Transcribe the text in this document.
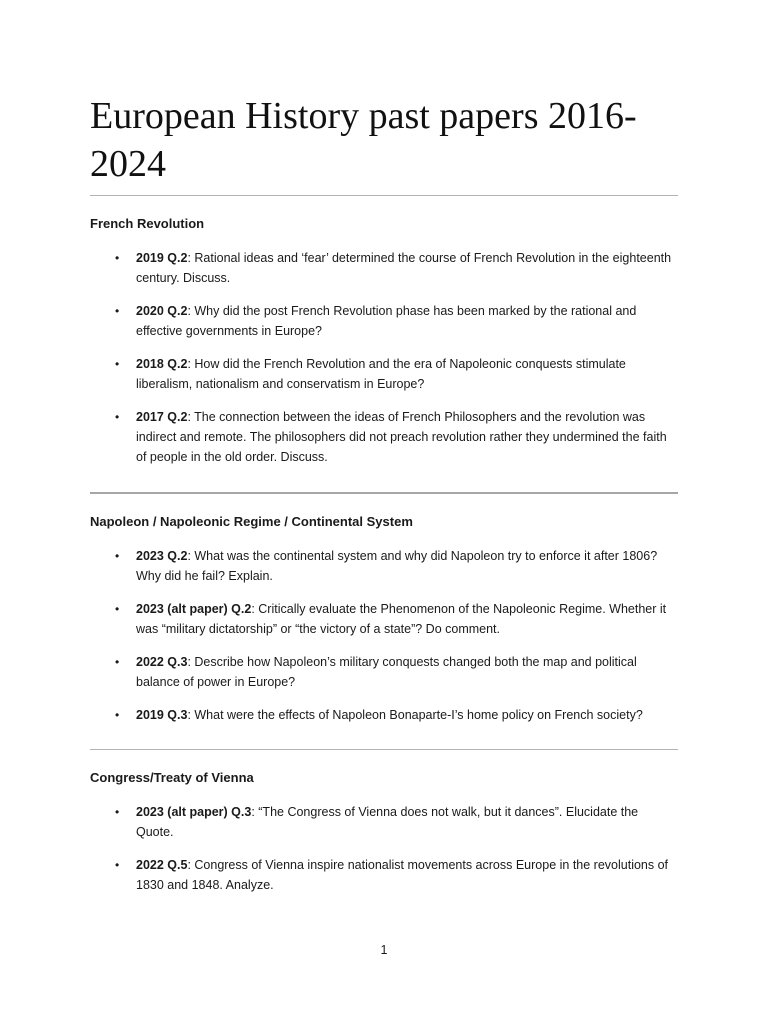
European History past papers 2016-2024
French Revolution
• 2019 Q.2: Rational ideas and ‘fear’ determined the course of French Revolution in the eighteenth century. Discuss.
• 2020 Q.2: Why did the post French Revolution phase has been marked by the rational and effective governments in Europe?
• 2018 Q.2: How did the French Revolution and the era of Napoleonic conquests stimulate liberalism, nationalism and conservatism in Europe?
• 2017 Q.2: The connection between the ideas of French Philosophers and the revolution was indirect and remote. The philosophers did not preach revolution rather they undermined the faith of people in the old order. Discuss.
Napoleon / Napoleonic Regime / Continental System
• 2023 Q.2: What was the continental system and why did Napoleon try to enforce it after 1806? Why did he fail? Explain.
• 2023 (alt paper) Q.2: Critically evaluate the Phenomenon of the Napoleonic Regime. Whether it was “military dictatorship” or “the victory of a state”? Do comment.
• 2022 Q.3: Describe how Napoleon’s military conquests changed both the map and political balance of power in Europe?
• 2019 Q.3: What were the effects of Napoleon Bonaparte-I’s home policy on French society?
Congress/Treaty of Vienna
• 2023 (alt paper) Q.3: “The Congress of Vienna does not walk, but it dances”. Elucidate the Quote.
• 2022 Q.5: Congress of Vienna inspire nationalist movements across Europe in the revolutions of 1830 and 1848. Analyze.
1
